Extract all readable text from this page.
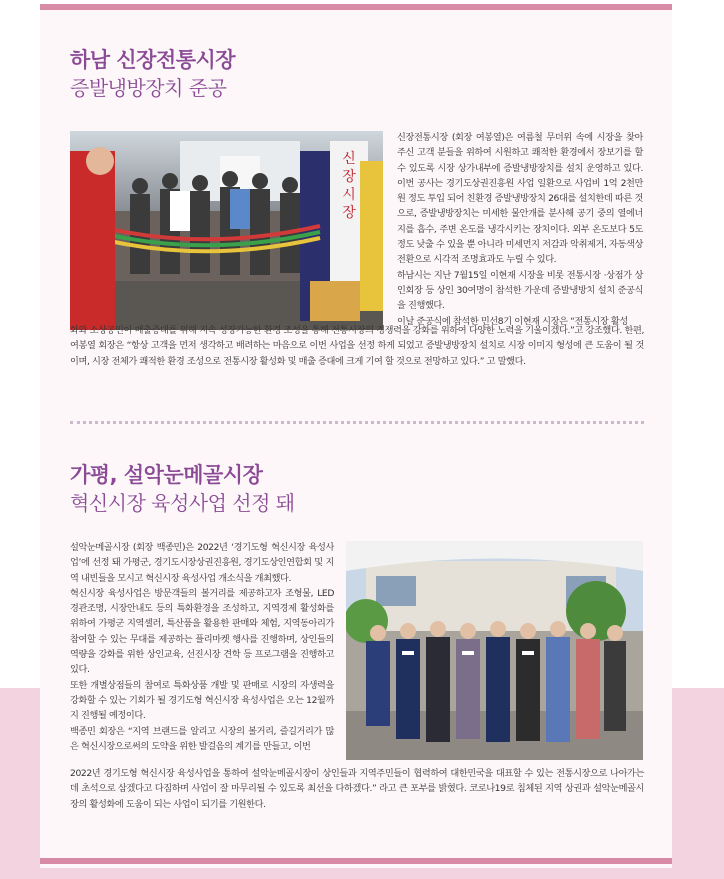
하남 신장전통시장
증발냉방장치 준공
신
장
시
장

신장전통시장 (회장 여봉열)은 여름철 무더위 속에 시장을 찾아 주신 고객 분들을 위하여 시원하고 쾌적한 환경에서 장보기를 할 수 있도록 시장 상가내부에 증발냉방장치를 설치 운영하고 있다. 이번 공사는 경기도상권진흥원 사업 일환으로 사업비 1억 2천만원 정도 투입 되어 친환경 증발냉방장치 26대를 설치한데 따른 것으로, 증발냉방장치는 미세한 물안개를 분사해 공기 중의 열에너지를 흡수, 주변 온도를 냉각시키는 장치이다. 외부 온도보다 5도 정도 낮출 수 있을 뿐 아니라 미세먼지 저감과 악취제거, 자동색상 전환으로 시각적 조명효과도 누릴 수 있다.
하남시는 지난 7월15일 이현재 시장을 비롯 전통시장 ·상점가 상인회장 등 상인 30여명이 참석한 가운데 증발냉방치 설치 준공식을 진행했다.
이날 준공식에 참석한 민선8기 이현재 시장은 “전통시장 활성

화와 소상공인이 매출증대를 위해 지속 성장가능한 환경 조성을 통해 전통시장의 경쟁력을 강화를 위하여 다양한 노력을 기울이겠다.”고 강조했다. 한편, 여봉열 회장은 “항상 고객을 먼저 생각하고 배려하는 마음으로 이번 사업을 선정 하게 되었고 증발냉방장치 설치로 시장 이미지 형성에 큰 도움이 될 것이며, 시장 전체가 쾌적한 환경 조성으로 전통시장 활성화 및 매출 증대에 크게 기여 할 것으로 전망하고 있다.” 고 말했다.

가평, 설악눈메골시장
혁신시장 육성사업 선정 돼

설악눈메골시장 (회장 백종민)은 2022년 ‘경기도형 혁신시장 육성사업’에 선정 돼 가평군, 경기도시장상권진흥원, 경기도상인연합회 및 지역 내빈들을 모시고 혁신시장 육성사업 개소식을 개최했다.
혁신시장 육성사업은 방문객들의 볼거리를 제공하고자 조형물, LED 경관조명, 시장안내도 등의 특화환경을 조성하고, 지역경제 활성화를 위하여 가평군 지역셀러, 특산품을 활용한 판매와 체험, 지역동아리가 참여할 수 있는 무대를 제공하는 플리마켓 행사를 진행하며, 상인들의 역량을 강화를 위한 상인교육, 선진시장 견학 등 프로그램을 진행하고 있다.
또한 개별상점들의 참여로 특화상품 개발 및 판매로 시장의 자생력을 강화할 수 있는 기회가 될 경기도형 혁신시장 육성사업은 오는 12월까지 진행될 예정이다.
백종민 회장은 “지역 브랜드를 알리고 시장의 볼거리, 즐길거리가 많은 혁신시장으로써의 도약을 위한 발걸음의 계기를 만들고, 이번

2022년 경기도형 혁신시장 육성사업을 통하여 설악눈메골시장이 상인들과 지역주민들이 협력하여 대한민국을 대표할 수 있는 전통시장으로 나아가는데 초석으로 삼겠다고 다짐하며 사업이 잘 마무리될 수 있도록 최선을 다하겠다.” 라고 큰 포부를 밝혔다. 코로나19로 침체된 지역 상권과 설악눈메골시장의 활성화에 도움이 되는 사업이 되기를 기원한다.
